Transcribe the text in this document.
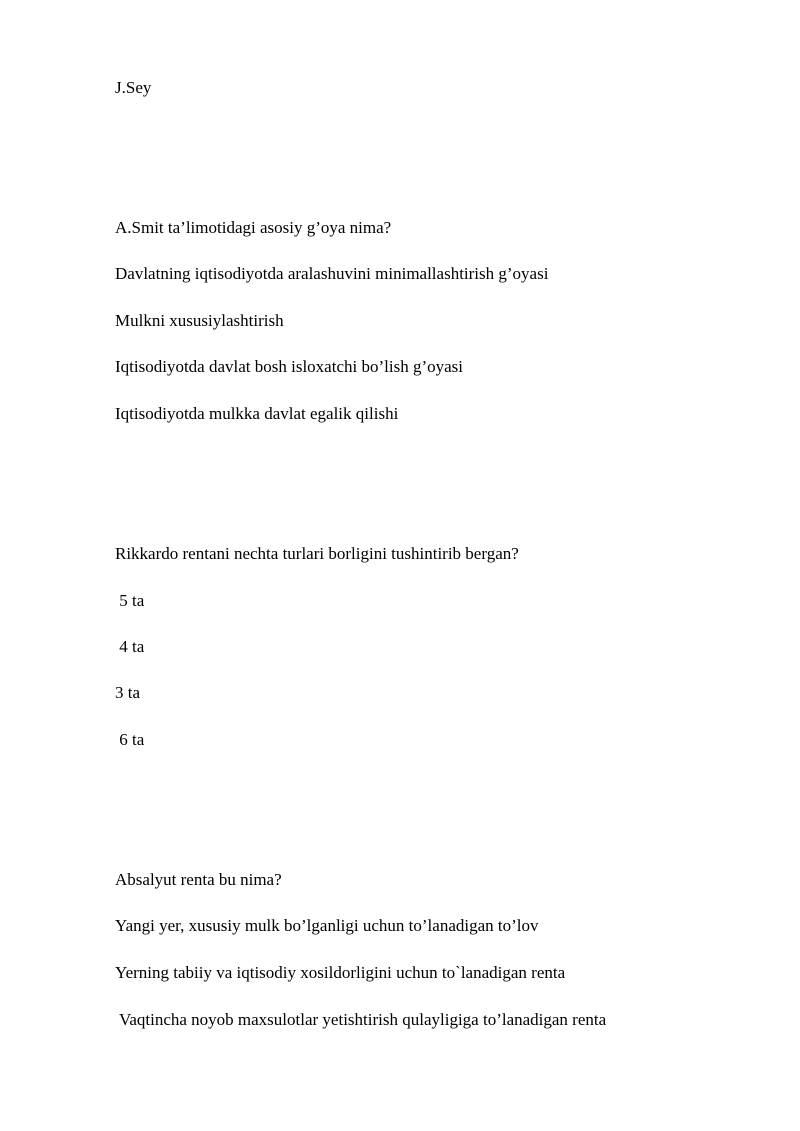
J.Sey
A.Smit ta’limotidagi asosiy g’oya nima?
Davlatning iqtisodiyotda aralashuvini minimallashtirish g’oyasi
Mulkni xususiylashtirish
Iqtisodiyotda davlat bosh isloxatchi bo’lish g’oyasi
Iqtisodiyotda mulkka davlat egalik qilishi
Rikkardo rentani nechta turlari borligini tushintirib bergan?
5 ta
4 ta
3 ta
6 ta
Absalyut renta bu nima?
Yangi yer, xususiy mulk bo’lganligi uchun to’lanadigan to’lov
Yerning tabiiy va iqtisodiy xosildorligini uchun to`lanadigan renta
Vaqtincha noyob maxsulotlar yetishtirish qulayligiga to’lanadigan renta
